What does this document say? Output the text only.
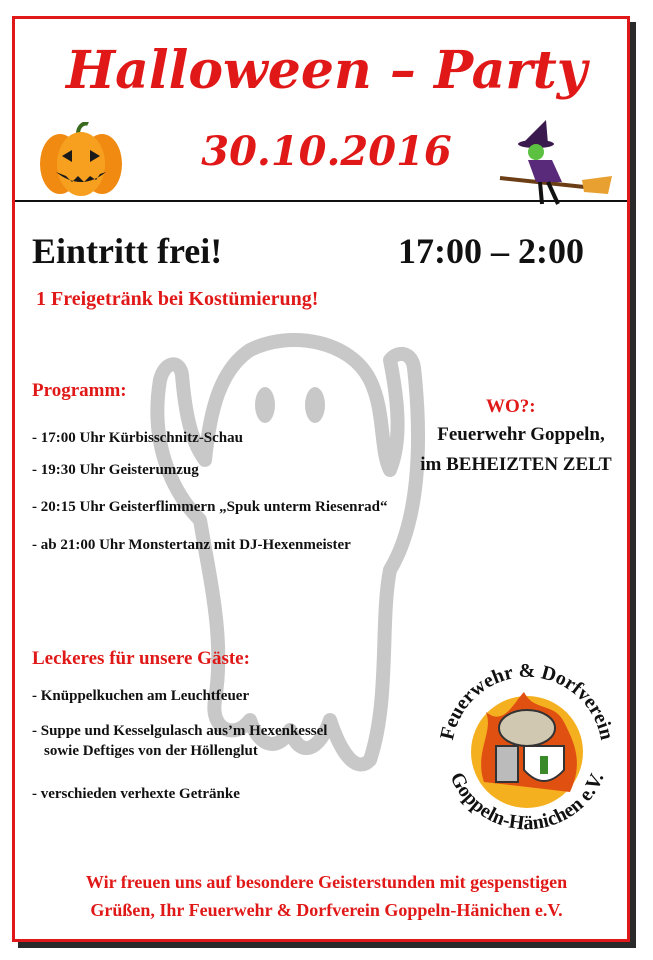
Halloween – Party
30.10.2016
Eintritt frei!	17:00 – 2:00
1 Freigetränk bei Kostümierung!
Programm:
- 17:00 Uhr Kürbisschnitz-Schau
- 19:30 Uhr Geisterumzug
- 20:15 Uhr Geisterflimmern „Spuk unterm Riesenrad“
- ab 21:00 Uhr Monstertanz mit DJ-Hexenmeister
WO?:
Feuerwehr Goppeln,
im BEHEIZTEN ZELT
Leckeres für unsere Gäste:
- Knüppelkuchen am Leuchtfeuer
- Suppe und Kesselgulasch aus’m Hexenkessel
sowie Deftiges von der Höllenglut
- verschieden verhexte Getränke
Feuerwehr & Dorfverein
Goppeln-Hänichen e.V.
Wir freuen uns auf besondere Geisterstunden mit gespenstigen
Grüßen, Ihr Feuerwehr & Dorfverein Goppeln-Hänichen e.V.
